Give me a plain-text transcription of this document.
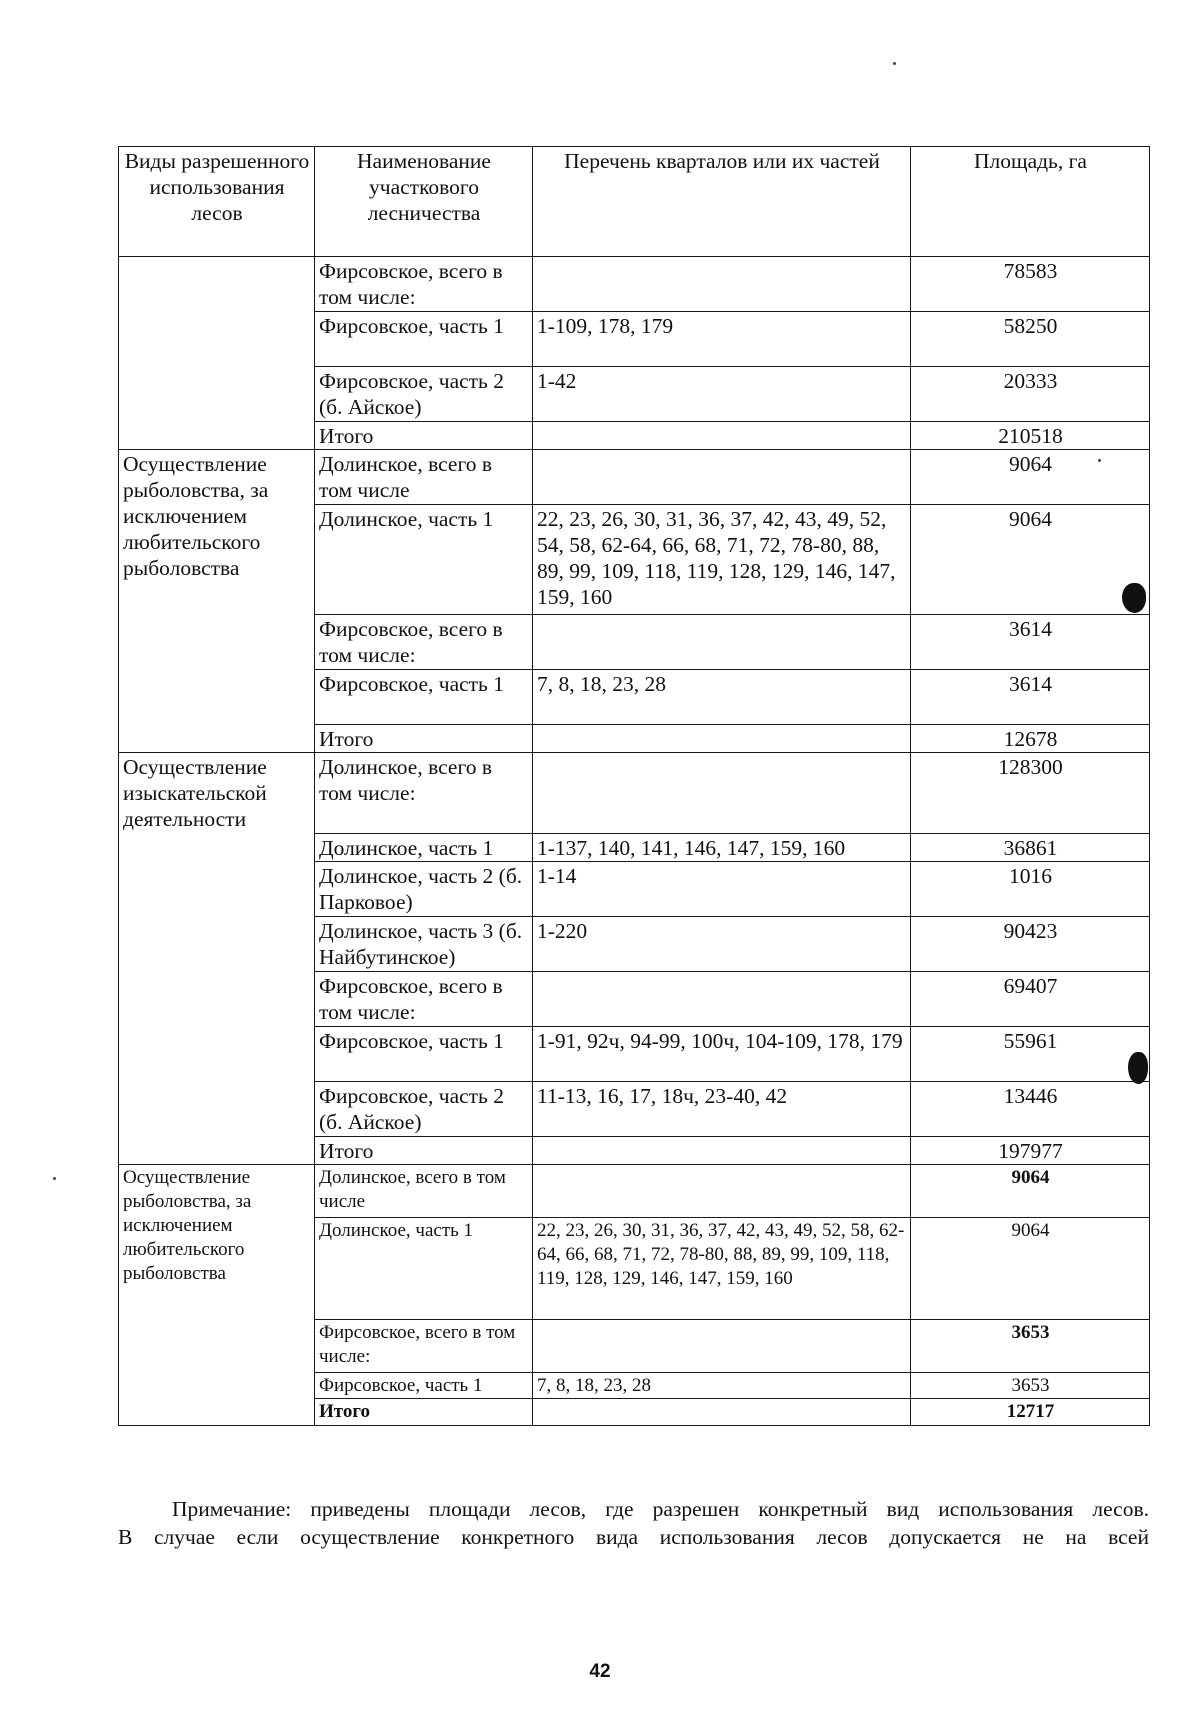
Виды разрешенного использования лесов	Наименование участкового лесничества	Перечень кварталов или их частей	Площадь, га
	Фирсовское, всего в том числе:		78583
	Фирсовское, часть 1	1-109, 178, 179	58250
	Фирсовское, часть 2 (б. Айское)	1-42	20333
	Итого		210518
Осуществление рыболовства, за исключением любительского рыболовства	Долинское, всего в том числе		9064
	Долинское, часть 1	22, 23, 26, 30, 31, 36, 37, 42, 43, 49, 52, 54, 58, 62-64, 66, 68, 71, 72, 78-80, 88, 89, 99, 109, 118, 119, 128, 129, 146, 147, 159, 160	9064
	Фирсовское, всего в том числе:		3614
	Фирсовское, часть 1	7, 8, 18, 23, 28	3614
	Итого		12678
Осуществление изыскательской деятельности	Долинское, всего в том числе:		128300
	Долинское, часть 1	1-137, 140, 141, 146, 147, 159, 160	36861
	Долинское, часть 2 (б. Парковое)	1-14	1016
	Долинское, часть 3 (б. Найбутинское)	1-220	90423
	Фирсовское, всего в том числе:		69407
	Фирсовское, часть 1	1-91, 92ч, 94-99, 100ч, 104-109, 178, 179	55961
	Фирсовское, часть 2 (б. Айское)	11-13, 16, 17, 18ч, 23-40, 42	13446
	Итого		197977
Осуществление рыболовства, за исключением любительского рыболовства	Долинское, всего в том числе		9064
	Долинское, часть 1	22, 23, 26, 30, 31, 36, 37, 42, 43, 49, 52, 58, 62-64, 66, 68, 71, 72, 78-80, 88, 89, 99, 109, 118, 119, 128, 129, 146, 147, 159, 160	9064
	Фирсовское, всего в том числе:		3653
	Фирсовское, часть 1	7, 8, 18, 23, 28	3653
	Итого		12717

Примечание: приведены площади лесов, где разрешен конкретный вид использования лесов.

В случае если осуществление конкретного вида использования лесов допускается не на всей

42
